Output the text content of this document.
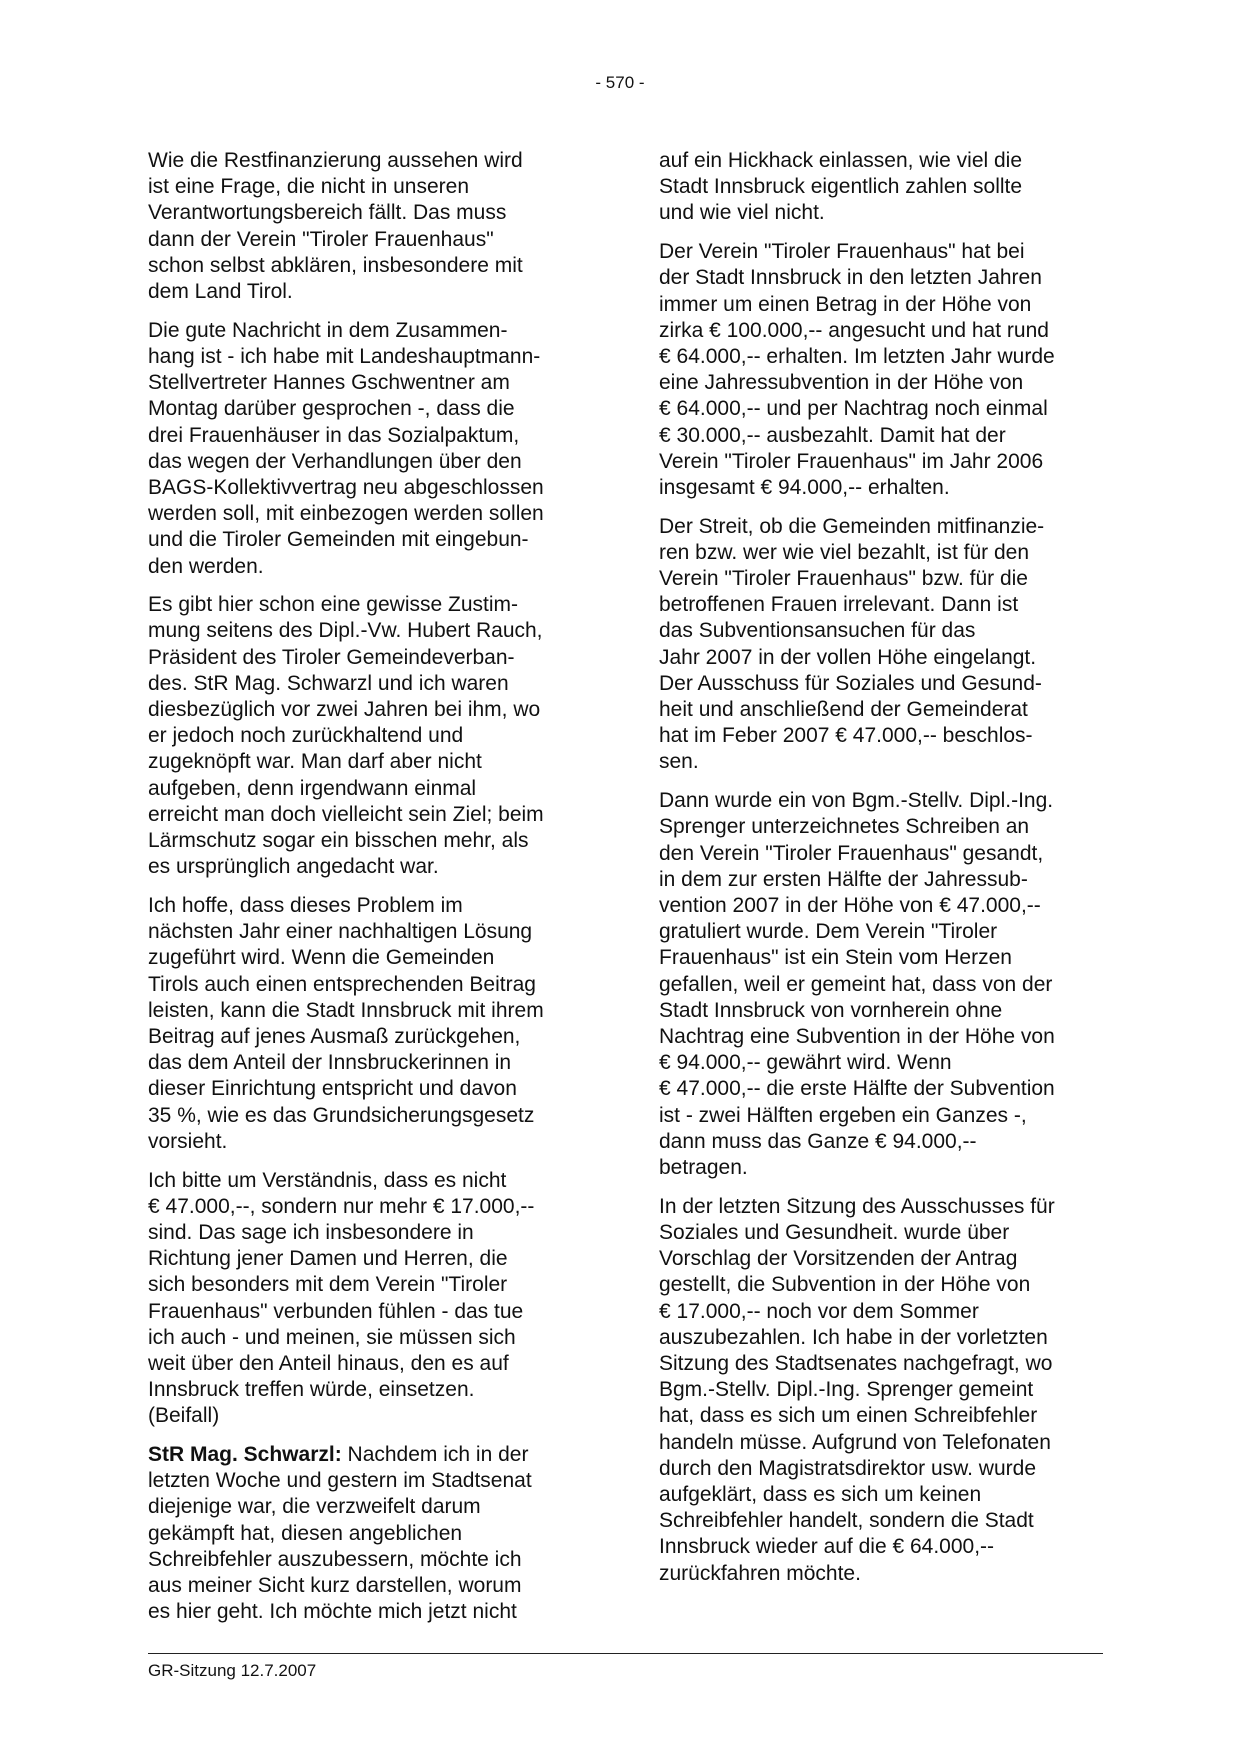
- 570 -

Wie die Restfinanzierung aussehen wird
ist eine Frage, die nicht in unseren
Verantwortungsbereich fällt. Das muss
dann der Verein "Tiroler Frauenhaus"
schon selbst abklären, insbesondere mit
dem Land Tirol.

Die gute Nachricht in dem Zusammen-
hang ist - ich habe mit Landeshauptmann-
Stellvertreter Hannes Gschwentner am
Montag darüber gesprochen -, dass die
drei Frauenhäuser in das Sozialpaktum,
das wegen der Verhandlungen über den
BAGS-Kollektivvertrag neu abgeschlossen
werden soll, mit einbezogen werden sollen
und die Tiroler Gemeinden mit eingebun-
den werden.

Es gibt hier schon eine gewisse Zustim-
mung seitens des Dipl.-Vw. Hubert Rauch,
Präsident des Tiroler Gemeindeverban-
des. StR Mag. Schwarzl und ich waren
diesbezüglich vor zwei Jahren bei ihm, wo
er jedoch noch zurückhaltend und
zugeknöpft war. Man darf aber nicht
aufgeben, denn irgendwann einmal
erreicht man doch vielleicht sein Ziel; beim
Lärmschutz sogar ein bisschen mehr, als
es ursprünglich angedacht war.

Ich hoffe, dass dieses Problem im
nächsten Jahr einer nachhaltigen Lösung
zugeführt wird. Wenn die Gemeinden
Tirols auch einen entsprechenden Beitrag
leisten, kann die Stadt Innsbruck mit ihrem
Beitrag auf jenes Ausmaß zurückgehen,
das dem Anteil der Innsbruckerinnen in
dieser Einrichtung entspricht und davon
35 %, wie es das Grundsicherungsgesetz
vorsieht.

Ich bitte um Verständnis, dass es nicht
€ 47.000,--, sondern nur mehr € 17.000,--
sind. Das sage ich insbesondere in
Richtung jener Damen und Herren, die
sich besonders mit dem Verein "Tiroler
Frauenhaus" verbunden fühlen - das tue
ich auch - und meinen, sie müssen sich
weit über den Anteil hinaus, den es auf
Innsbruck treffen würde, einsetzen.
(Beifall)

StR Mag. Schwarzl: Nachdem ich in der
letzten Woche und gestern im Stadtsenat
diejenige war, die verzweifelt darum
gekämpft hat, diesen angeblichen
Schreibfehler auszubessern, möchte ich
aus meiner Sicht kurz darstellen, worum
es hier geht. Ich möchte mich jetzt nicht

auf ein Hickhack einlassen, wie viel die
Stadt Innsbruck eigentlich zahlen sollte
und wie viel nicht.

Der Verein "Tiroler Frauenhaus" hat bei
der Stadt Innsbruck in den letzten Jahren
immer um einen Betrag in der Höhe von
zirka € 100.000,-- angesucht und hat rund
€ 64.000,-- erhalten. Im letzten Jahr wurde
eine Jahressubvention in der Höhe von
€ 64.000,-- und per Nachtrag noch einmal
€ 30.000,-- ausbezahlt. Damit hat der
Verein "Tiroler Frauenhaus" im Jahr 2006
insgesamt € 94.000,-- erhalten.

Der Streit, ob die Gemeinden mitfinanzie-
ren bzw. wer wie viel bezahlt, ist für den
Verein "Tiroler Frauenhaus" bzw. für die
betroffenen Frauen irrelevant. Dann ist
das Subventionsansuchen für das
Jahr 2007 in der vollen Höhe eingelangt.
Der Ausschuss für Soziales und Gesund-
heit und anschließend der Gemeinderat
hat im Feber 2007 € 47.000,-- beschlos-
sen.

Dann wurde ein von Bgm.-Stellv. Dipl.-Ing.
Sprenger unterzeichnetes Schreiben an
den Verein "Tiroler Frauenhaus" gesandt,
in dem zur ersten Hälfte der Jahressub-
vention 2007 in der Höhe von € 47.000,--
gratuliert wurde. Dem Verein "Tiroler
Frauenhaus" ist ein Stein vom Herzen
gefallen, weil er gemeint hat, dass von der
Stadt Innsbruck von vornherein ohne
Nachtrag eine Subvention in der Höhe von
€ 94.000,-- gewährt wird. Wenn
€ 47.000,-- die erste Hälfte der Subvention
ist - zwei Hälften ergeben ein Ganzes -,
dann muss das Ganze € 94.000,--
betragen.

In der letzten Sitzung des Ausschusses für
Soziales und Gesundheit. wurde über
Vorschlag der Vorsitzenden der Antrag
gestellt, die Subvention in der Höhe von
€ 17.000,-- noch vor dem Sommer
auszubezahlen. Ich habe in der vorletzten
Sitzung des Stadtsenates nachgefragt, wo
Bgm.-Stellv. Dipl.-Ing. Sprenger gemeint
hat, dass es sich um einen Schreibfehler
handeln müsse. Aufgrund von Telefonaten
durch den Magistratsdirektor usw. wurde
aufgeklärt, dass es sich um keinen
Schreibfehler handelt, sondern die Stadt
Innsbruck wieder auf die € 64.000,--
zurückfahren möchte.

GR-Sitzung 12.7.2007
